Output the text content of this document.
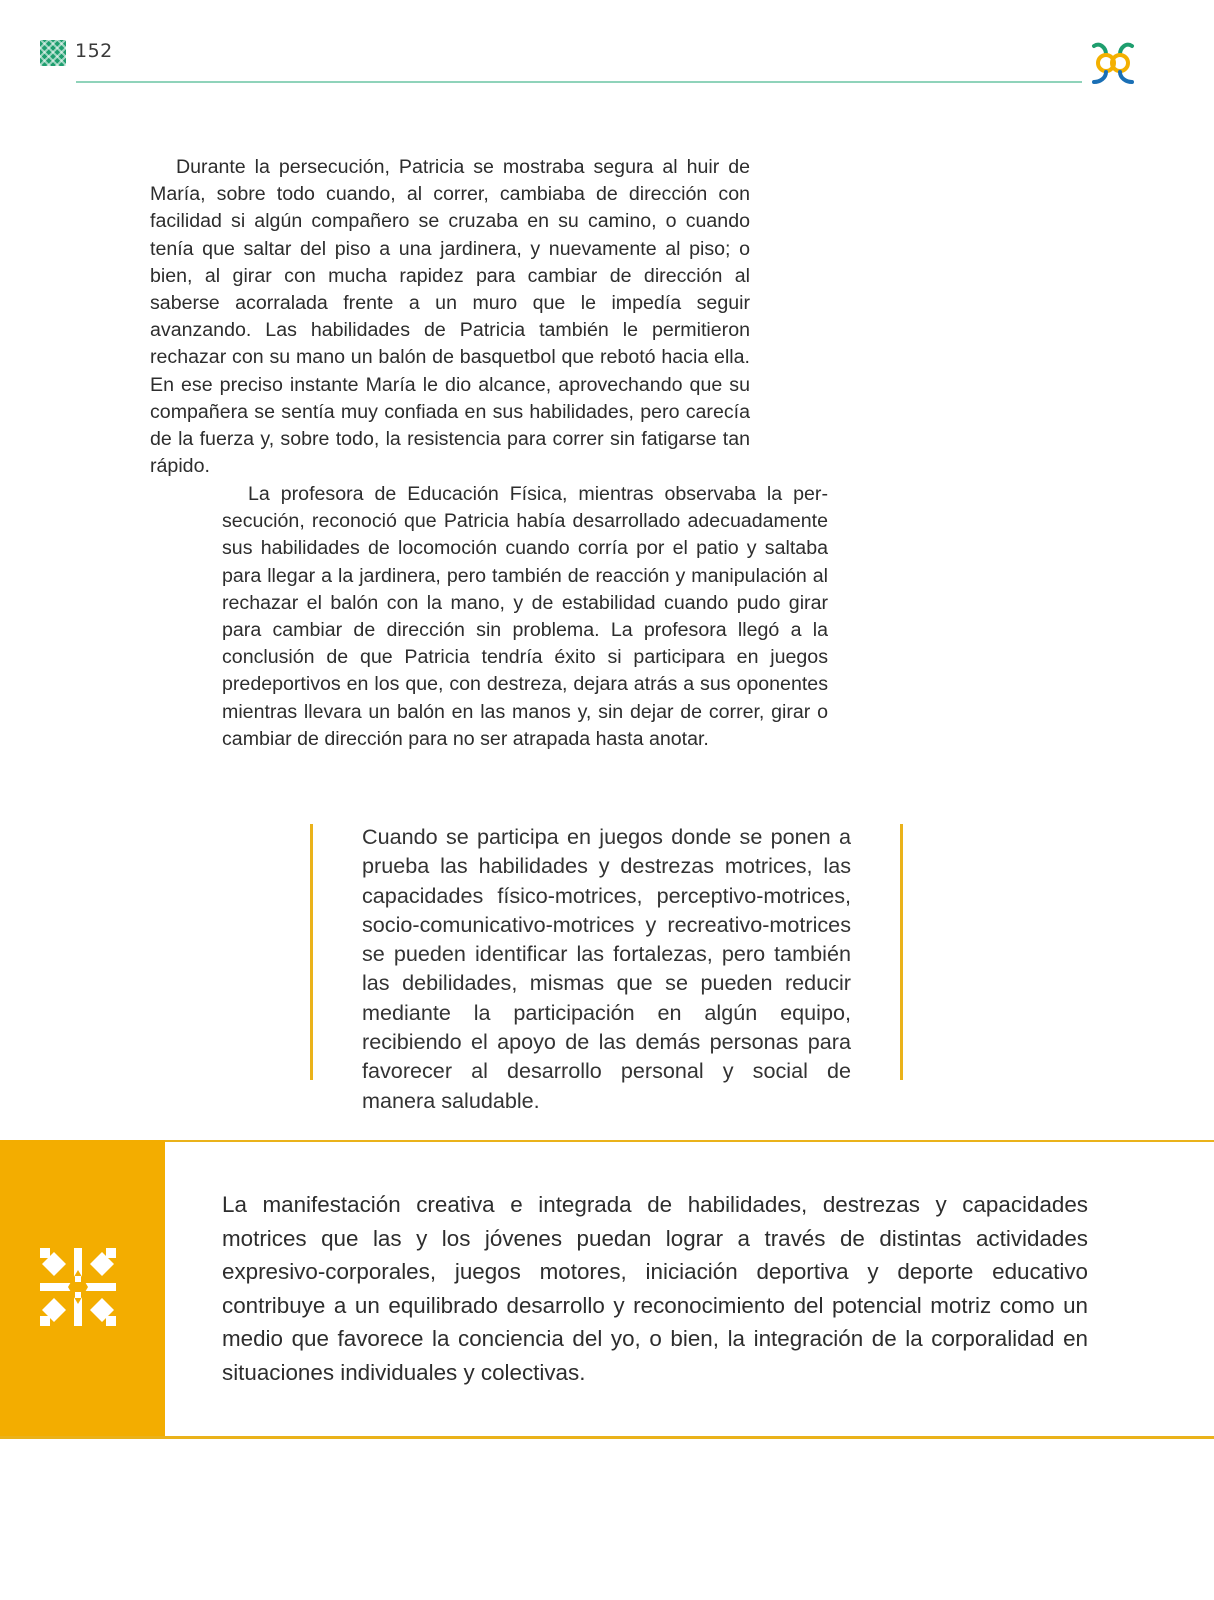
152

Durante la persecución, Patricia se mostraba segura al huir de María, sobre todo cuando, al correr, cambiaba de dirección con facilidad si algún compañero se cruzaba en su camino, o cuando tenía que saltar del piso a una jardinera, y nuevamente al piso; o bien, al girar con mucha rapidez para cambiar de dirección al saberse acorralada frente a un muro que le impedía seguir avanzando. Las habilidades de Patricia también le permitieron rechazar con su mano un balón de basquetbol que rebotó hacia ella. En ese preciso instante María le dio alcance, aprovechando que su compañera se sentía muy confiada en sus habilidades, pero carecía de la fuerza y, sobre todo, la resistencia para correr sin fatigarse tan rápido.

La profesora de Educación Física, mientras observaba la persecución, reconoció que Patricia había desarrollado adecuadamente sus habilidades de locomoción cuando corría por el patio y saltaba para llegar a la jardinera, pero también de reacción y manipulación al rechazar el balón con la mano, y de estabilidad cuando pudo girar para cambiar de dirección sin problema. La profesora llegó a la conclusión de que Patricia tendría éxito si participara en juegos predeportivos en los que, con destreza, dejara atrás a sus oponentes mientras llevara un balón en las manos y, sin dejar de correr, girar o cambiar de dirección para no ser atrapada hasta anotar.

Cuando se participa en juegos donde se ponen a prueba las habilidades y destrezas motrices, las capacidades físico-motrices, perceptivo-motrices, socio-comunicativo-motrices y recreativo-motrices se pueden identificar las fortalezas, pero también las debilidades, mismas que se pueden reducir mediante la participación en algún equipo, recibiendo el apoyo de las demás personas para favorecer al desarrollo personal y social de manera saludable.

La manifestación creativa e integrada de habilidades, destrezas y capacidades motrices que las y los jóvenes puedan lograr a través de distintas actividades expresivo-corporales, juegos motores, iniciación deportiva y deporte educativo contribuye a un equilibrado desarrollo y reconocimiento del potencial motriz como un medio que favorece la conciencia del yo, o bien, la integración de la corporalidad en situaciones individuales y colectivas.
